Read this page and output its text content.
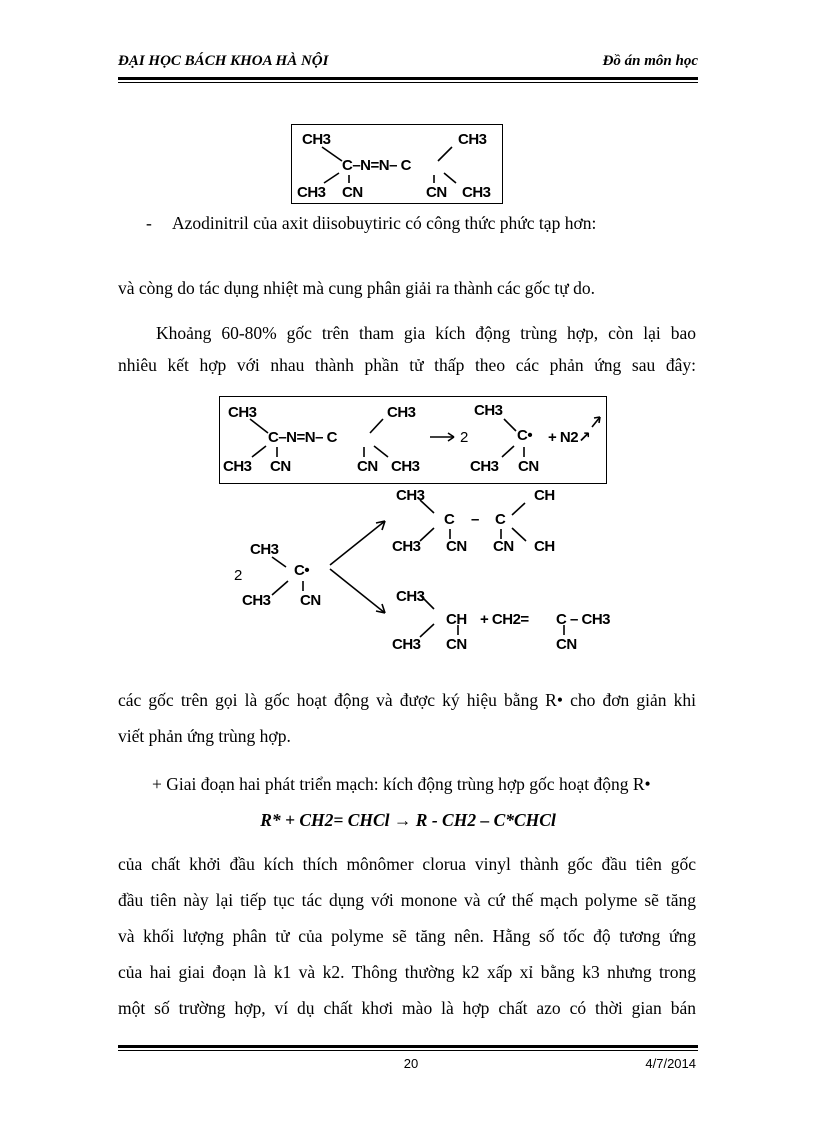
ĐẠI HỌC BÁCH KHOA HÀ NỘI	Đồ án môn học
CH3	CH3
C–N=N– C
CH3 CN	CN CH3
- Azodinitril của axit diisobuytiric có công thức phức tạp hơn:
và còng do tác dụng nhiệt mà cung phân giải ra thành các gốc tự do.
Khoảng 60-80% gốc trên tham gia kích động trùng hợp, còn lại bao
nhiêu kết hợp với nhau thành phần tử thấp theo các phản ứng sau đây:
CH3	CH3
C–N=N– C
CH3 CN	CN CH3
2
CH3
C• + N2↗
CH3 CN
CH3
2	C•
CH3 CN
CH3	CH
C – C
CH3 CN CN CH
CH3
CH + CH2= C – CH3
CH3 CN	CN
các gốc trên gọi là gốc hoạt động và được ký hiệu bằng R• cho đơn giản khi
viết phản ứng trùng hợp.
+ Giai đoạn hai phát triển mạch: kích động trùng hợp gốc hoạt động R•
R* + CH2= CHCl → R - CH2 – C*CHCl
của chất khởi đầu kích thích mônômer clorua vinyl thành gốc đầu tiên gốc
đầu tiên này lại tiếp tục tác dụng với monone và cứ thế mạch polyme sẽ tăng
và khối lượng phân tử của polyme sẽ tăng nên. Hằng số tốc độ tương ứng
của hai giai đoạn là k1 và k2. Thông thường k2 xấp xỉ bằng k3 nhưng trong
một số trường hợp, ví dụ chất khơi mào là hợp chất azo có thời gian bán
20	4/7/2014
